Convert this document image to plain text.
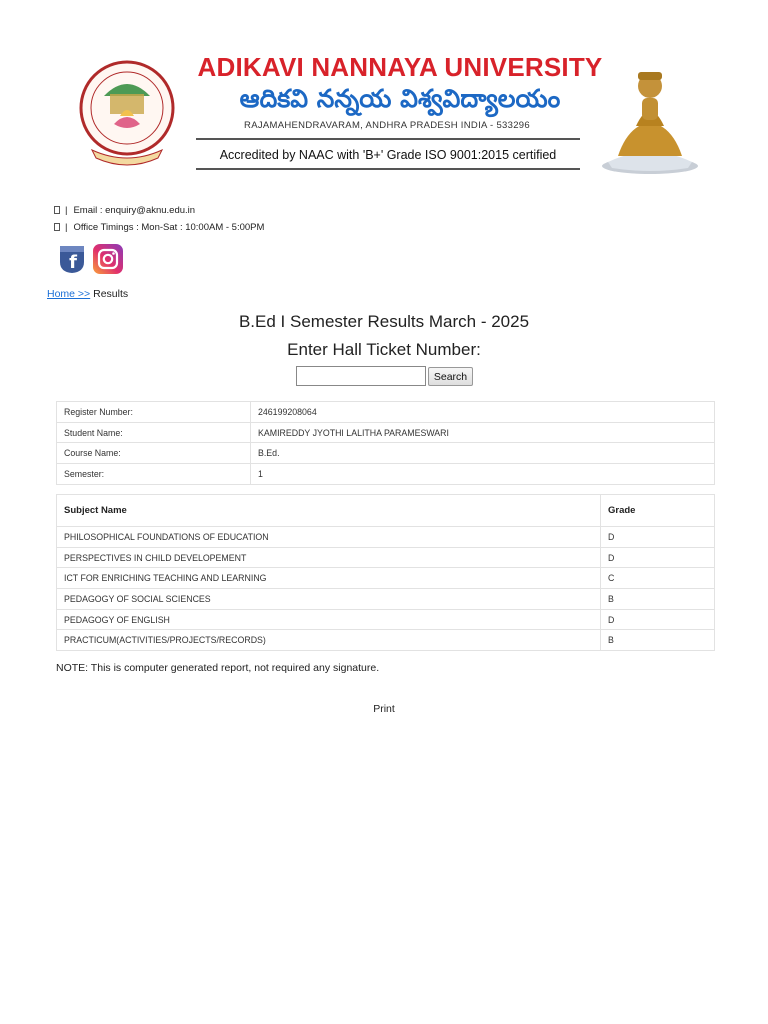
ADIKAVI NANNAYA UNIVERSITY
ఆదికవి నన్నయ విశ్వవిద్యాలయం
RAJAMAHENDRAVARAM, ANDHRA PRADESH INDIA - 533296
Accredited by NAAC with 'B+' Grade ISO 9001:2015 certified
| Email : enquiry@aknu.edu.in
| Office Timings : Mon-Sat : 10:00AM - 5:00PM
f
Home >> Results
B.Ed I Semester Results March - 2025
Enter Hall Ticket Number:
Search
Register Number:	246199208064
Student Name:	KAMIREDDY JYOTHI LALITHA PARAMESWARI
Course Name:	B.Ed.
Semester:	1
Subject Name	Grade
PHILOSOPHICAL FOUNDATIONS OF EDUCATION	D
PERSPECTIVES IN CHILD DEVELOPEMENT	D
ICT FOR ENRICHING TEACHING AND LEARNING	C
PEDAGOGY OF SOCIAL SCIENCES	B
PEDAGOGY OF ENGLISH	D
PRACTICUM(ACTIVITIES/PROJECTS/RECORDS)	B
NOTE: This is computer generated report, not required any signature.
Print
